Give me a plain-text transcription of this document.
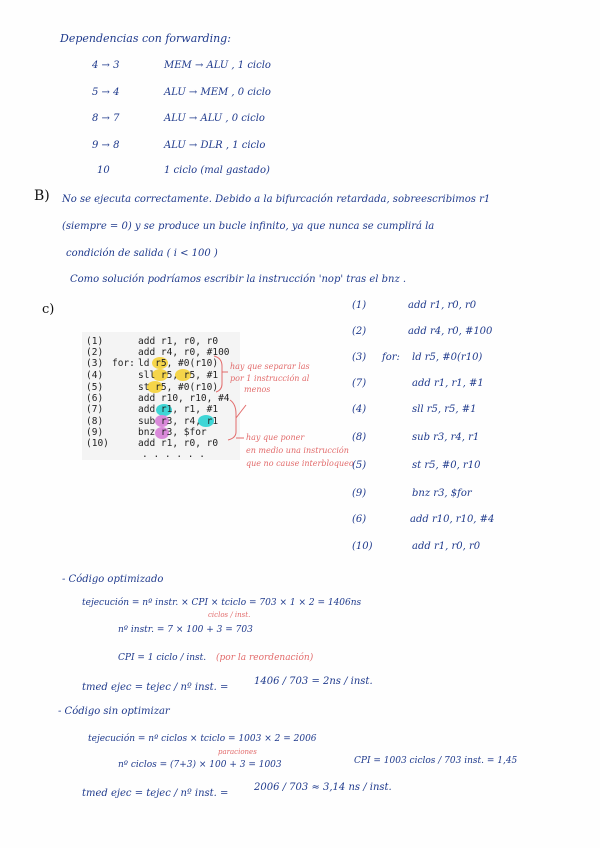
Dependencias con forwarding:
4 → 3	MEM → ALU , 1 ciclo
5 → 4	ALU → MEM , 0 ciclo
8 → 7	ALU → ALU , 0 ciclo
9 → 8	ALU → DLR , 1 ciclo
10	1 ciclo (mal gastado)
B) No se ejecuta correctamente. Debido a la bifurcación retardada, sobreescribimos r1
(siempre = 0) y se produce un bucle infinito, ya que nunca se cumplirá la
condición de salida ( i < 100 )
Como solución podríamos escribir la instrucción 'nop' tras el bnz .
c)
(1)	add r1, r0, r0
(2)	add r4, r0, #100
(3) for: ld r5, #0(r10)
(4)	sll r5, r5, #1
(5)	st r5, #0(r10)
(6)	add r10, r10, #4
(7)	add r1, r1, #1
(8)	sub r3, r4, r1
(9)	bnz r3, $for
(10)	add r1, r0, r0
. . . . . .
hay que separar las
por 1 instrucción al
menos
hay que poner
en medio una instrucción
que no cause interbloqueo
(1)	add r1, r0, r0
(2)	add r4, r0, #100
(3) for: ld r5, #0(r10)
(7)	add r1, r1, #1
(4)	sll r5, r5, #1
(8)	sub r3, r4, r1
(5)	st r5, #0, r10
(9)	bnz r3, $for
(6)	add r10, r10, #4
(10)	add r1, r0, r0
- Código optimizado
tejecución = nº instr. × CPI × tciclo = 703 × 1 × 2 = 1406ns
ciclos / inst.
nº instr. = 7 × 100 + 3 = 703
CPI = 1 ciclo / inst. (por la reordenación)
tmed ejec = tejec / nº inst. =
1406 / 703 = 2ns / inst.
- Código sin optimizar
tejecución = nº ciclos × tciclo = 1003 × 2 = 2006
paraciones
nº ciclos = (7+3) × 100 + 3 = 1003	CPI = 1003 ciclos / 703 inst. = 1,45
tmed ejec = tejec / nº inst. =
2006 / 703 ≈ 3,14 ns / inst.
